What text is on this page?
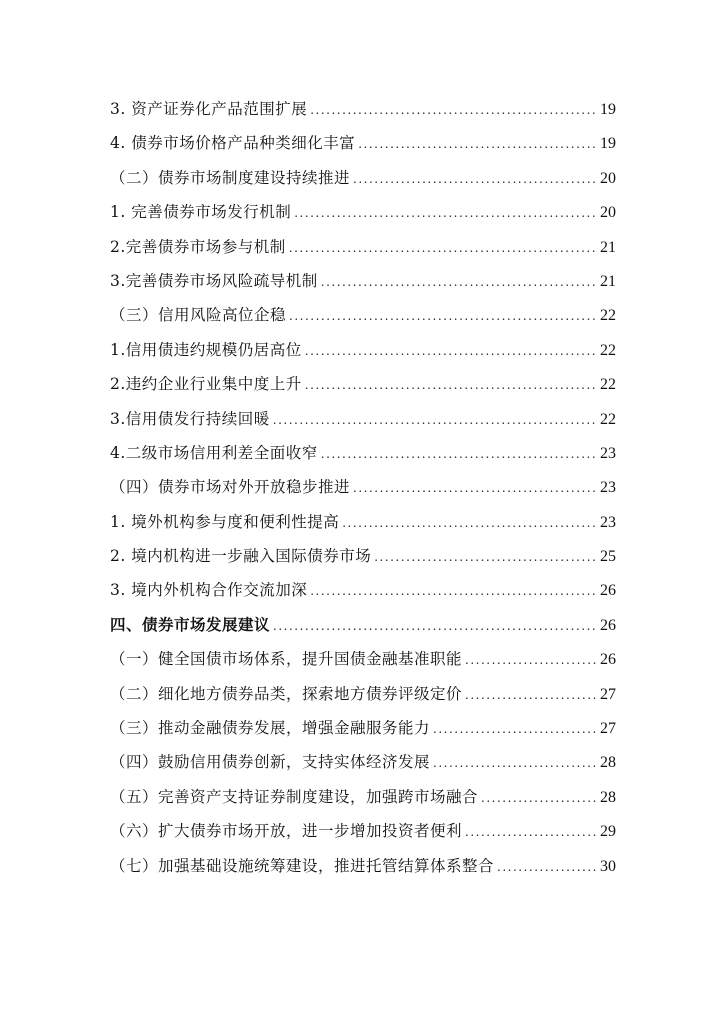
3. 资产证券化产品范围扩展 .....	19
4. 债券市场价格产品种类细化丰富 .....	19
（二）债券市场制度建设持续推进 .....	20
1. 完善债券市场发行机制 .....	20
2.完善债券市场参与机制 .....	21
3.完善债券市场风险疏导机制 .....	21
（三）信用风险高位企稳 .....	22
1.信用债违约规模仍居高位 .....	22
2.违约企业行业集中度上升 .....	22
3.信用债发行持续回暖 .....	22
4.二级市场信用利差全面收窄 .....	23
（四）债券市场对外开放稳步推进 .....	23
1. 境外机构参与度和便利性提高 .....	23
2. 境内机构进一步融入国际债券市场 .....	25
3. 境内外机构合作交流加深 .....	26
四、债券市场发展建议 .....	26
（一）健全国债市场体系，提升国债金融基准职能 .....	26
（二）细化地方债券品类，探索地方债券评级定价 .....	27
（三）推动金融债券发展，增强金融服务能力 .....	27
（四）鼓励信用债券创新，支持实体经济发展 .....	28
（五）完善资产支持证券制度建设，加强跨市场融合 .....	28
（六）扩大债券市场开放，进一步增加投资者便利 .....	29
（七）加强基础设施统筹建设，推进托管结算体系整合 .....	30
